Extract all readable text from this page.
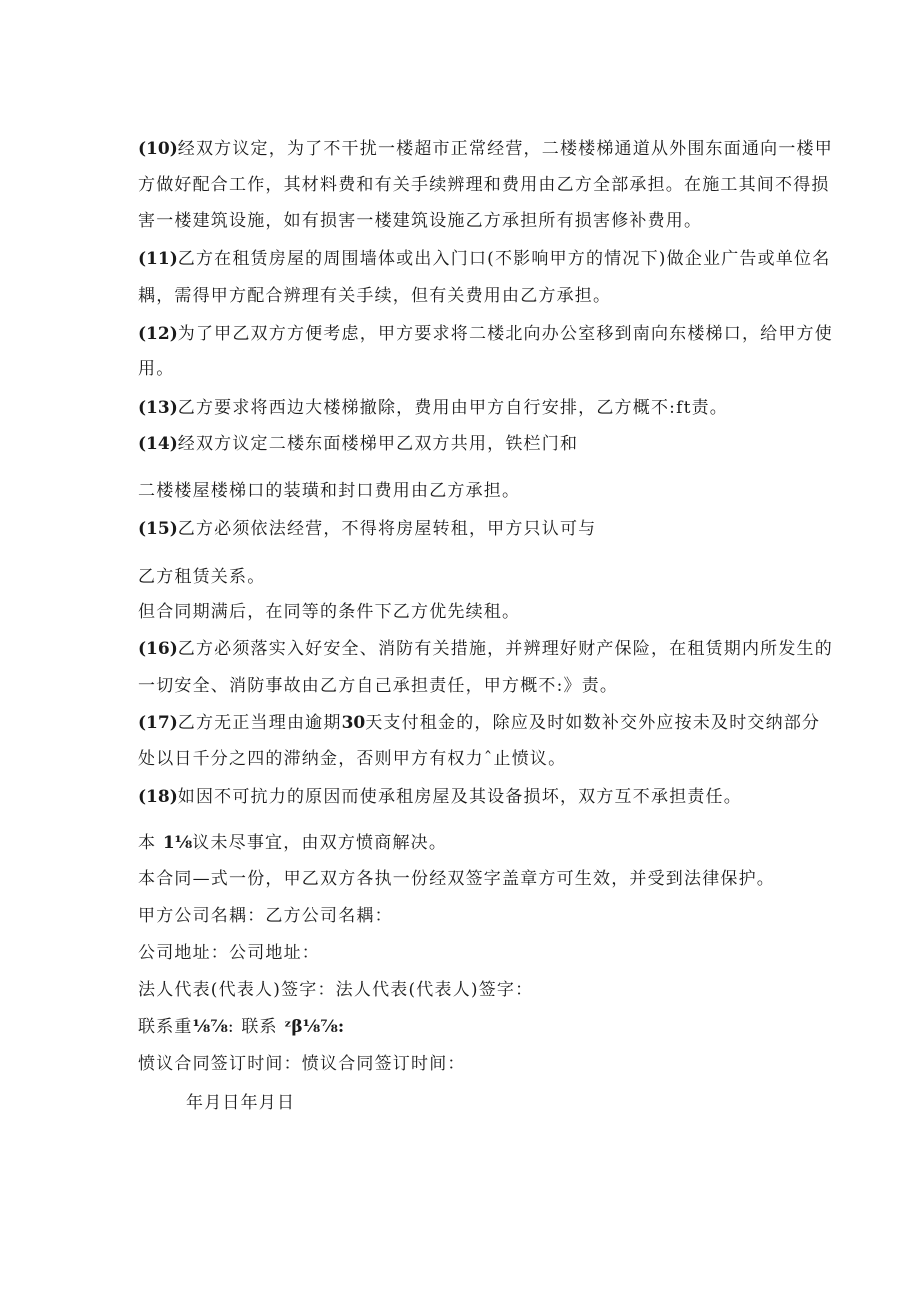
(10)经双方议定，为了不干扰一楼超市正常经营，二楼楼梯通道从外围东面通向一楼甲
方做好配合工作，其材料费和有关手续辨理和费用由乙方全部承担。在施工其间不得损
害一楼建筑设施，如有损害一楼建筑设施乙方承担所有损害修补费用。
(11)乙方在租赁房屋的周围墙体或出入门口(不影响甲方的情况下)做企业广告或单位名
耦，需得甲方配合辨理有关手续，但有关费用由乙方承担。
(12)为了甲乙双方方便考虑，甲方要求将二楼北向办公室移到南向东楼梯口，给甲方使
用。
(13)乙方要求将西边大楼梯撤除，费用由甲方自行安排，乙方概不:ft责。
(14)经双方议定二楼东面楼梯甲乙双方共用，铁栏门和
二楼楼屋楼梯口的装璜和封口费用由乙方承担。
(15)乙方必须依法经营，不得将房屋转租，甲方只认可与
乙方租赁关系。
但合同期满后，在同等的条件下乙方优先续租。
(16)乙方必须落实入好安全、消防有关措施，并辨理好财产保险，在租赁期内所发生的
一切安全、消防事故由乙方自己承担责任，甲方概不:》责。
(17)乙方无正当理由逾期30天支付租金的，除应及时如数补交外应按未及时交纳部分
处以日千分之四的滞纳金，否则甲方有权力ˆ止愤议。
(18)如因不可抗力的原因而使承租房屋及其设备损坏，双方互不承担责任。
本 1⅛议未尽事宜，由双方愤商解决。
本合同—式一份，甲乙双方各执一份经双签字盖章方可生效，并受到法律保护。
甲方公司名耦：乙方公司名耦：
公司地址：公司地址：
法人代表(代表人)签字：法人代表(代表人)签字：
联系重⅛⅞: 联系 ᶻβ⅛⅞:
愤议合同签订时间：愤议合同签订时间：
年月日年月日
